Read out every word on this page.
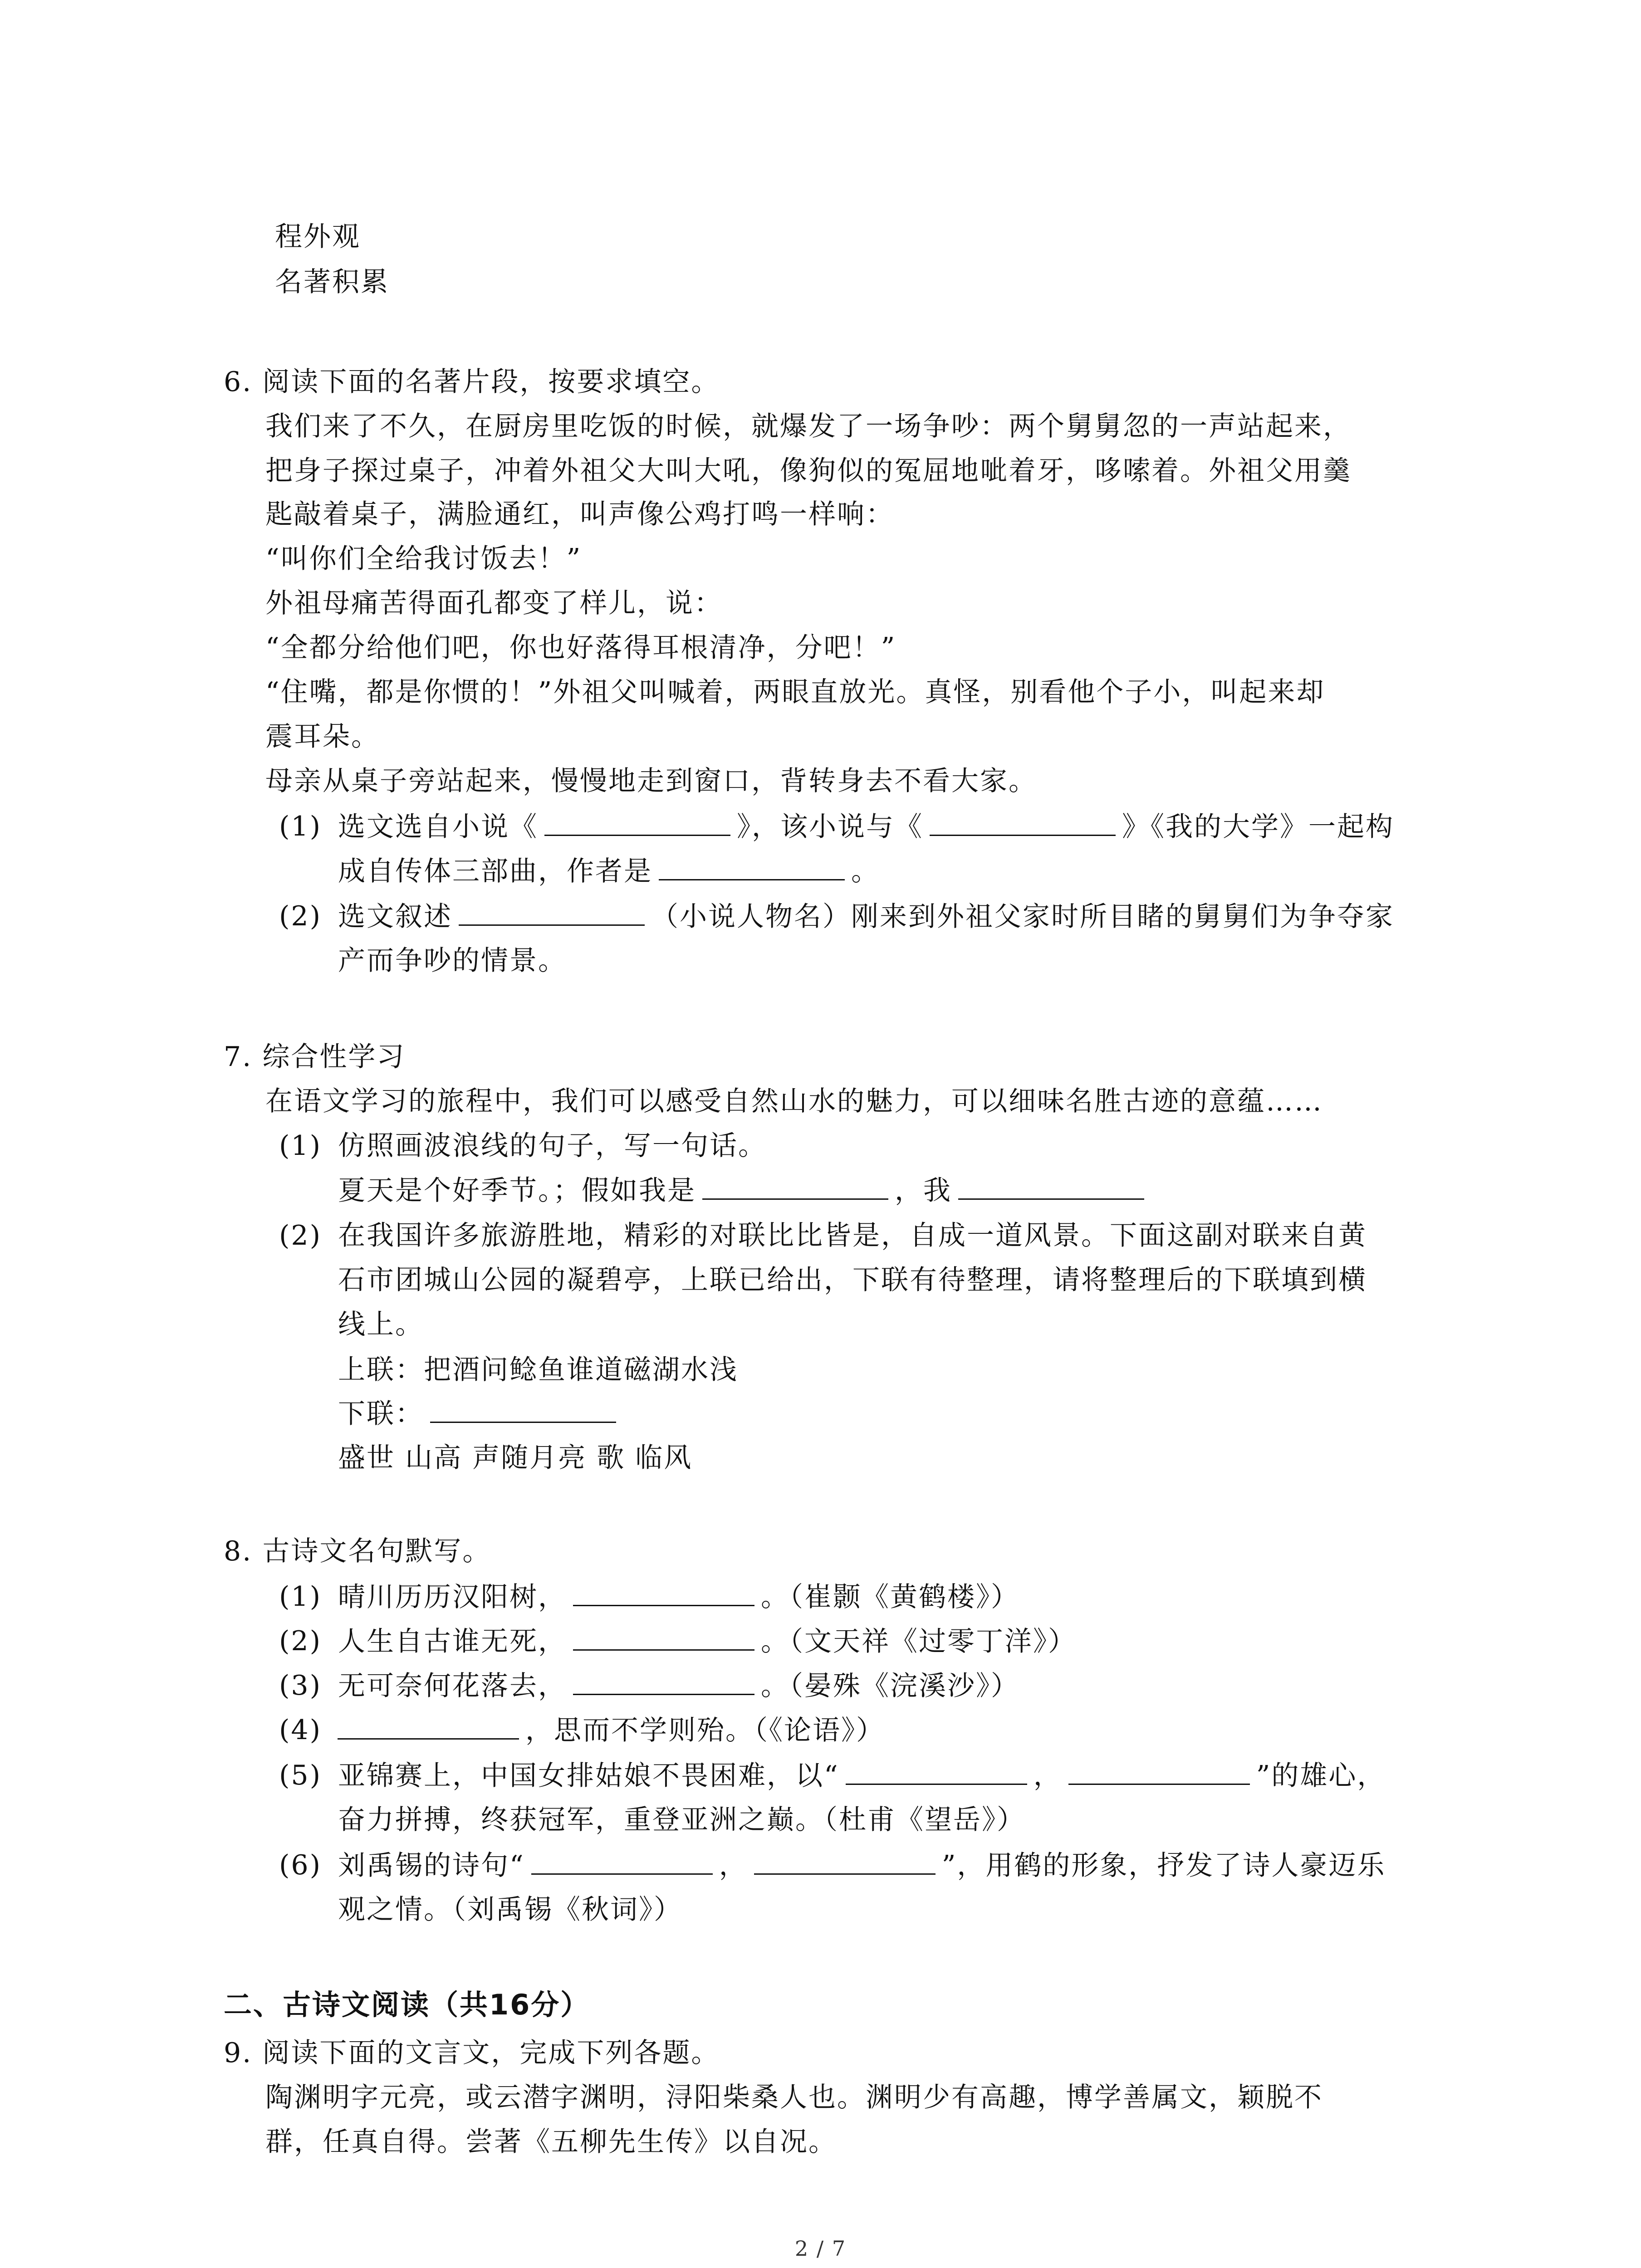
程外观
名著积累
6. 阅读下面的名著片段，按要求填空。
我们来了不久，在厨房里吃饭的时候，就爆发了一场争吵：两个舅舅忽的一声站起来，
把身子探过桌子，冲着外祖父大叫大吼，像狗似的冤屈地呲着牙，哆嗦着。外祖父用羹
匙敲着桌子，满脸通红，叫声像公鸡打鸣一样响：
“叫你们全给我讨饭去！”
外祖母痛苦得面孔都变了样儿，说：
“全都分给他们吧，你也好落得耳根清净，分吧！”
“住嘴，都是你惯的！”外祖父叫喊着，两眼直放光。真怪，别看他个子小，叫起来却
震耳朵。
母亲从桌子旁站起来，慢慢地走到窗口，背转身去不看大家。
(1) 选文选自小说《	》，该小说与《	》《我的大学》一起构
成自传体三部曲，作者是	。
(2) 选文叙述	（小说人物名）刚来到外祖父家时所目睹的舅舅们为争夺家
产而争吵的情景。
7. 综合性学习
在语文学习的旅程中，我们可以感受自然山水的魅力，可以细味名胜古迹的意蕴……
(1) 仿照画波浪线的句子，写一句话。
夏天是个好季节。；假如我是	，我
(2) 在我国许多旅游胜地，精彩的对联比比皆是，自成一道风景。下面这副对联来自黄
石市团城山公园的凝碧亭，上联已给出，下联有待整理，请将整理后的下联填到横
线上。
上联：把酒问鲶鱼谁道磁湖水浅
下联：
盛世 山高 声随月亮 歌 临风
8. 古诗文名句默写。
(1) 晴川历历汉阳树，	。（崔颢《黄鹤楼》）
(2) 人生自古谁无死，	。（文天祥《过零丁洋》）
(3) 无可奈何花落去，	。（晏殊《浣溪沙》）
(4)	，思而不学则殆。（《论语》）
(5) 亚锦赛上，中国女排姑娘不畏困难，以“	，	”的雄心，
奋力拼搏，终获冠军，重登亚洲之巅。（杜甫《望岳》）
(6) 刘禹锡的诗句“	，	”，用鹤的形象，抒发了诗人豪迈乐
观之情。（刘禹锡《秋词》）
二、古诗文阅读（共16分）
9. 阅读下面的文言文，完成下列各题。
陶渊明字元亮，或云潜字渊明，浔阳柴桑人也。渊明少有高趣，博学善属文，颖脱不
群，任真自得。尝著《五柳先生传》以自况。
2 / 7
